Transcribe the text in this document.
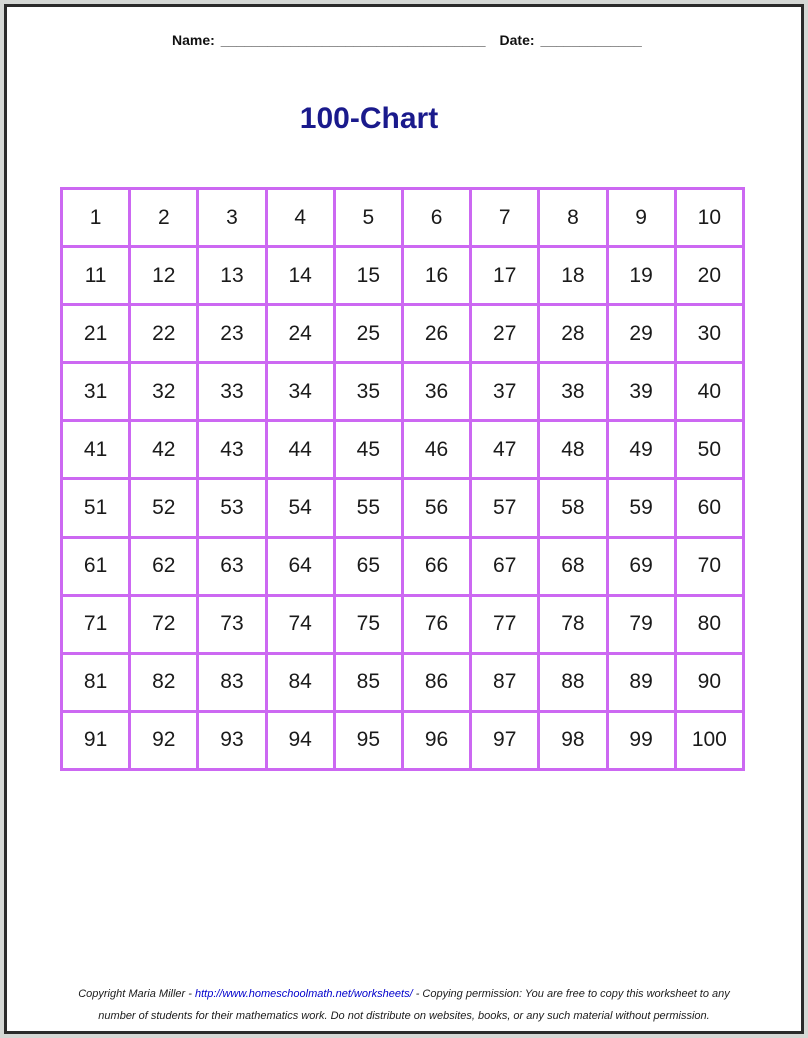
Name: __________________________________ Date: _____________
100-Chart
1	2	3	4	5	6	7	8	9	10
11	12	13	14	15	16	17	18	19	20
21	22	23	24	25	26	27	28	29	30
31	32	33	34	35	36	37	38	39	40
41	42	43	44	45	46	47	48	49	50
51	52	53	54	55	56	57	58	59	60
61	62	63	64	65	66	67	68	69	70
71	72	73	74	75	76	77	78	79	80
81	82	83	84	85	86	87	88	89	90
91	92	93	94	95	96	97	98	99	100
Copyright Maria Miller - http://www.homeschoolmath.net/worksheets/ - Copying permission: You are free to copy this worksheet to any
number of students for their mathematics work. Do not distribute on websites, books, or any such material without permission.
